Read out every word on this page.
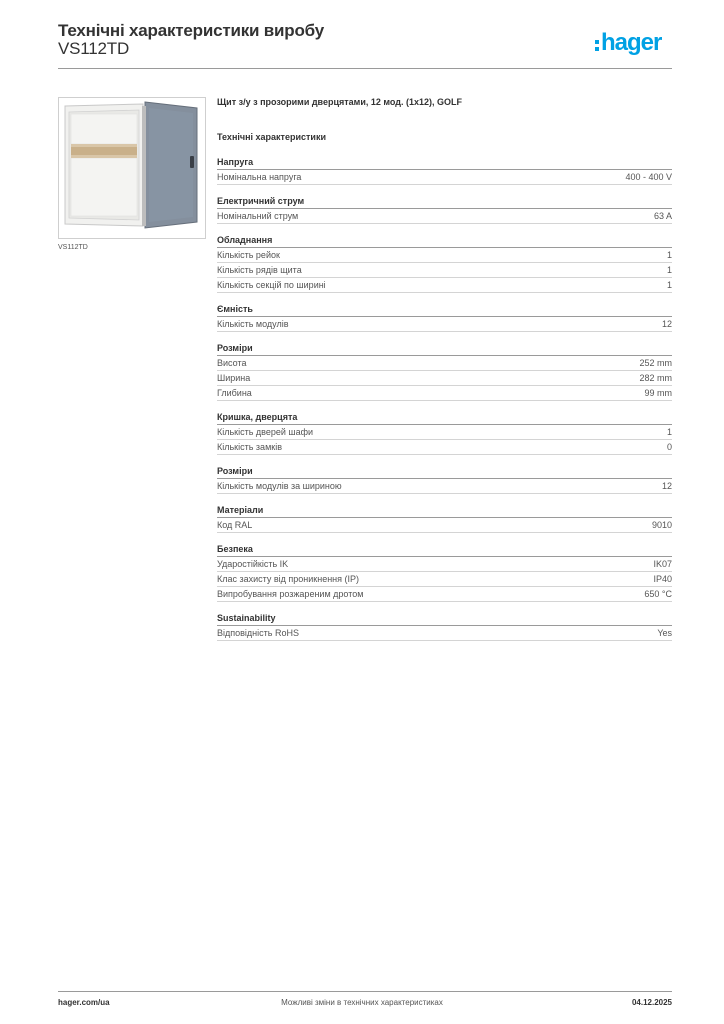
Технічні характеристики виробу
VS112TD	hager
VS112TD
Щит з/у з прозорими дверцятами, 12 мод. (1x12), GOLF
Технічні характеристики
Напруга
Номінальна напруга	400 - 400 V
Електричний струм
Номінальний струм	63 A
Обладнання
Кількість рейок	1
Кількість рядів щита	1
Кількість секцій по ширині	1
Ємність
Кількість модулів	12
Розміри
Висота	252 mm
Ширина	282 mm
Глибина	99 mm
Кришка, дверцята
Кількість дверей шафи	1
Кількість замків	0
Розміри
Кількість модулів за шириною	12
Матеріали
Код RAL	9010
Безпека
Ударостійкість IK	IK07
Клас захисту від проникнення (IP)	IP40
Випробування розжареним дротом	650 °C
Sustainability
Відповідність RoHS	Yes
Можливі зміни в технічних характеристиках
hager.com/ua	04.12.2025
